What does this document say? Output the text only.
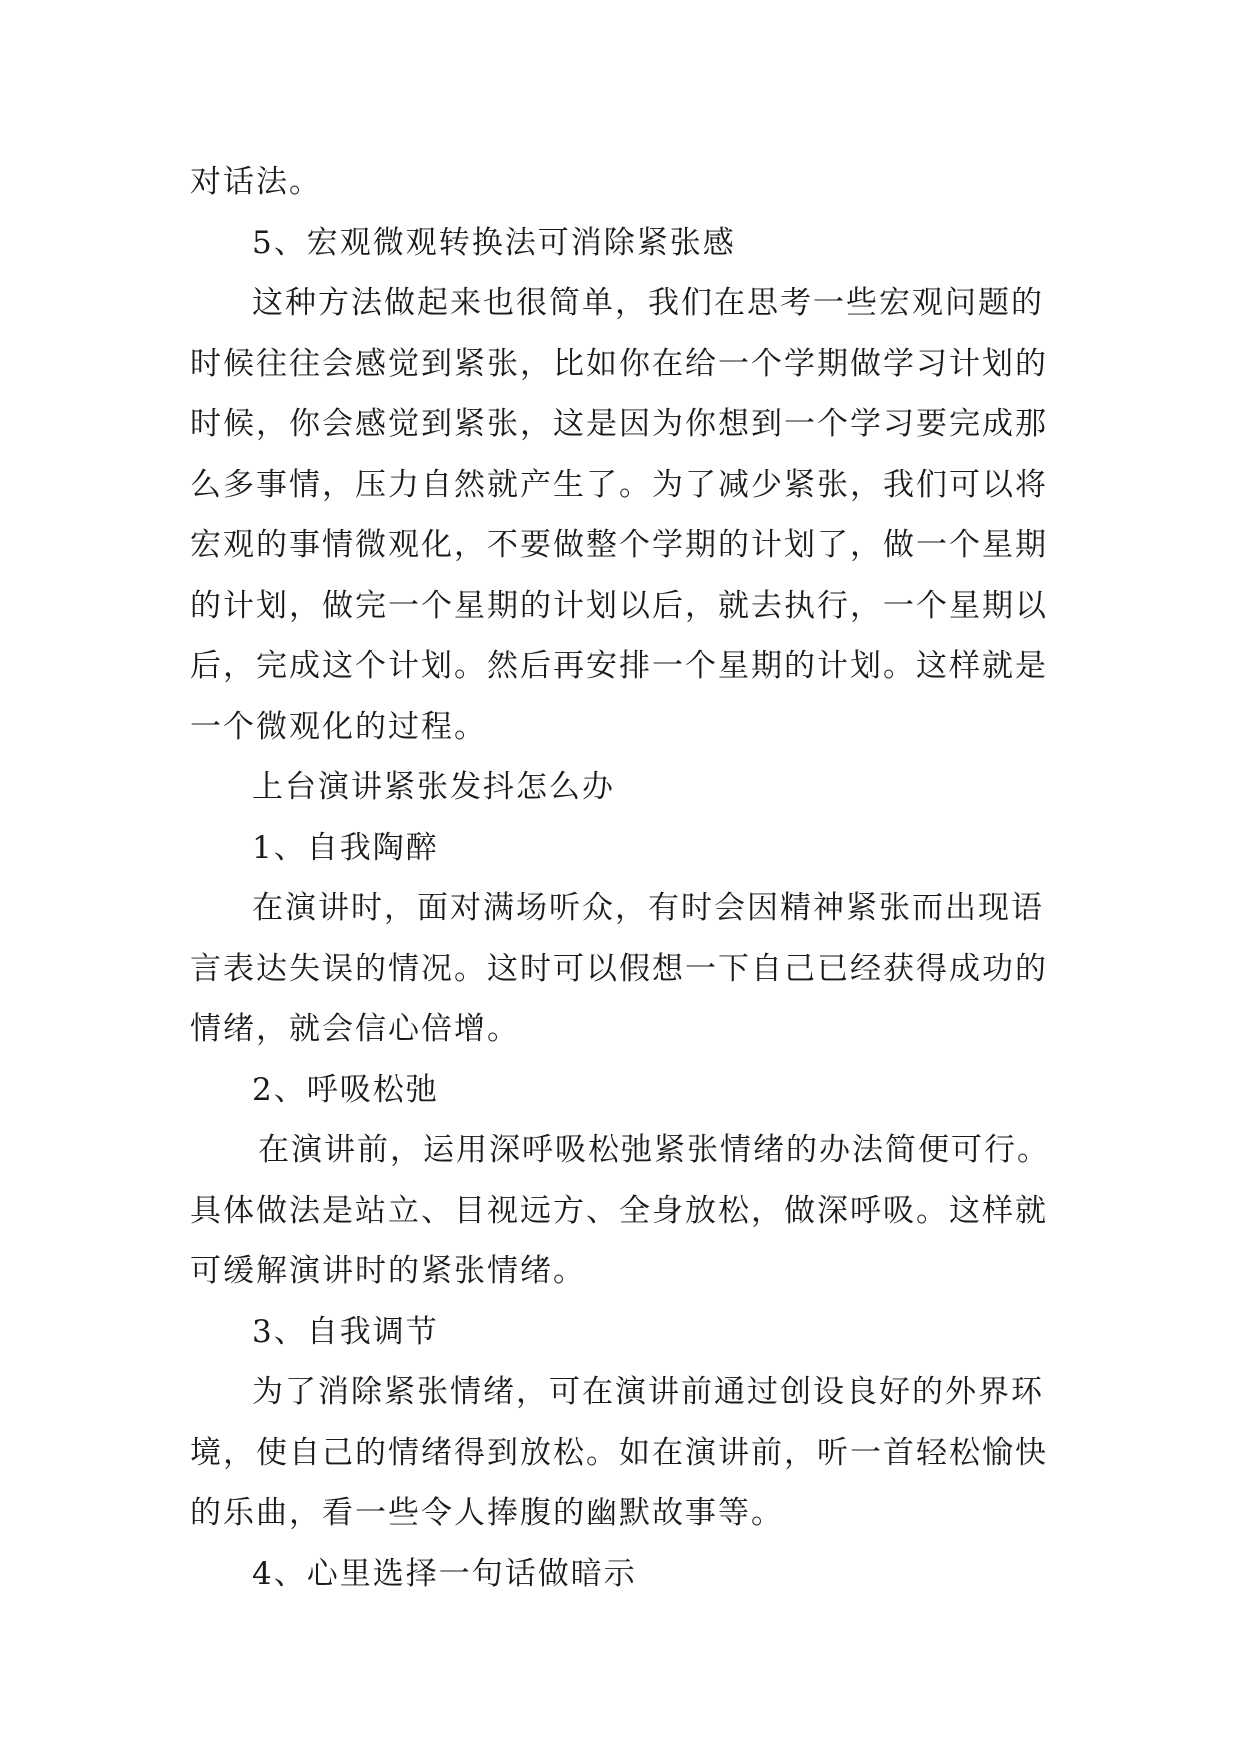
对话法。
5、宏观微观转换法可消除紧张感
这种方法做起来也很简单，我们在思考一些宏观问题的
时候往往会感觉到紧张，比如你在给一个学期做学习计划的
时候，你会感觉到紧张，这是因为你想到一个学习要完成那
么多事情，压力自然就产生了。为了减少紧张，我们可以将
宏观的事情微观化，不要做整个学期的计划了，做一个星期
的计划，做完一个星期的计划以后，就去执行，一个星期以
后，完成这个计划。然后再安排一个星期的计划。这样就是
一个微观化的过程。
上台演讲紧张发抖怎么办
1、自我陶醉
在演讲时，面对满场听众，有时会因精神紧张而出现语
言表达失误的情况。这时可以假想一下自己已经获得成功的
情绪，就会信心倍增。
2、呼吸松弛
在演讲前，运用深呼吸松弛紧张情绪的办法简便可行。
具体做法是站立、目视远方、全身放松，做深呼吸。这样就
可缓解演讲时的紧张情绪。
3、自我调节
为了消除紧张情绪，可在演讲前通过创设良好的外界环
境，使自己的情绪得到放松。如在演讲前，听一首轻松愉快
的乐曲，看一些令人捧腹的幽默故事等。
4、心里选择一句话做暗示
